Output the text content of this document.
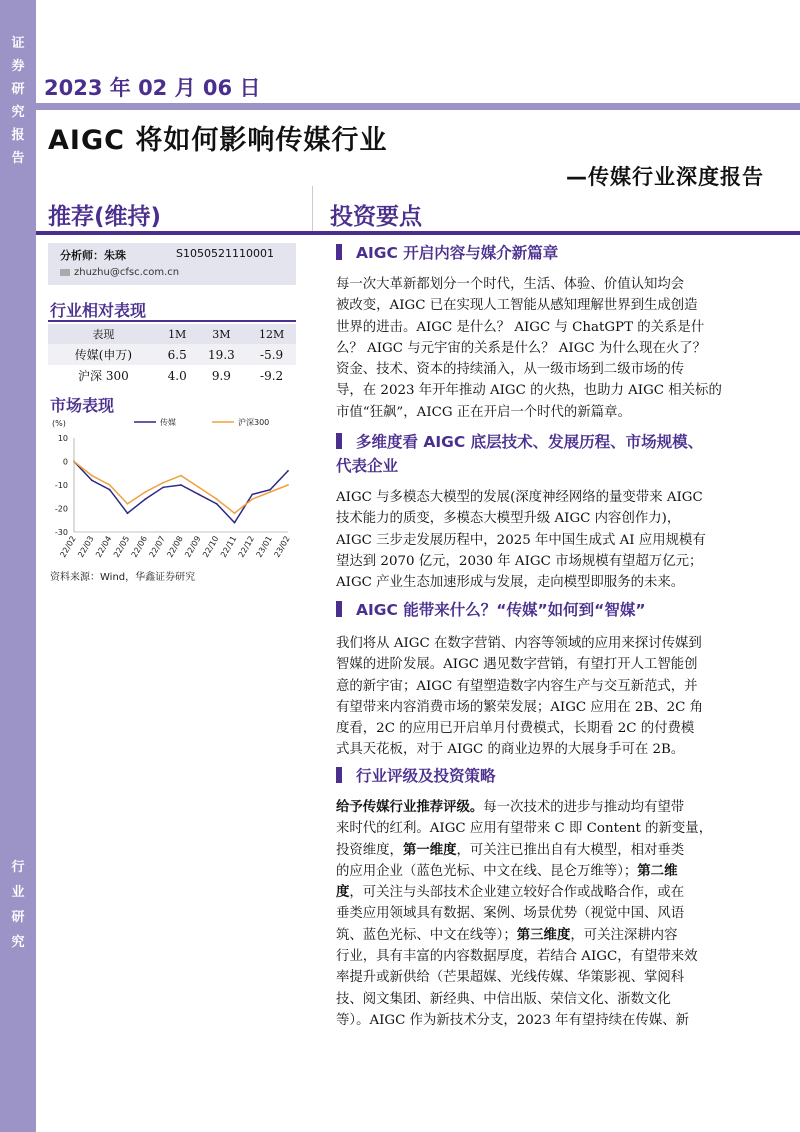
证
券
研
究
报
告
行
业
研
究
2023 年 02 月 06 日
AIGC 将如何影响传媒行业
—传媒行业深度报告
推荐(维持)	投资要点
分析师：朱珠	S1050521110001
zhuzhu@cfsc.com.cn
行业相对表现
表现	1M	3M	12M
传媒(申万)	6.5	19.3	-5.9
沪深 300	4.0	9.9	-9.2
市场表现
(%)	传媒	沪深300
10
0
-10
-20
-30
22/02
22/03
22/04
22/05
22/06
22/07
22/08
22/09
22/10
22/11
22/12
23/01
23/02
资料来源：Wind，华鑫证券研究
AIGC 开启内容与媒介新篇章
每一次大革新都划分一个时代，生活、体验、价值认知均会
被改变，AIGC 已在实现人工智能从感知理解世界到生成创造
世界的进击。AIGC 是什么？ AIGC 与 ChatGPT 的关系是什
么？ AIGC 与元宇宙的关系是什么？ AIGC 为什么现在火了？
资金、技术、资本的持续涌入，从一级市场到二级市场的传
导，在 2023 年开年推动 AIGC 的火热，也助力 AIGC 相关标的
市值“狂飙”，AICG 正在开启一个时代的新篇章。
多维度看 AIGC 底层技术、发展历程、市场规模、
代表企业
AIGC 与多模态大模型的发展(深度神经网络的量变带来 AIGC
技术能力的质变，多模态大模型升级 AIGC 内容创作力)，
AIGC 三步走发展历程中，2025 年中国生成式 AI 应用规模有
望达到 2070 亿元，2030 年 AIGC 市场规模有望超万亿元；
AIGC 产业生态加速形成与发展，走向模型即服务的未来。
AIGC 能带来什么？“传媒”如何到“智媒”
我们将从 AIGC 在数字营销、内容等领域的应用来探讨传媒到
智媒的进阶发展。AIGC 遇见数字营销，有望打开人工智能创
意的新宇宙；AIGC 有望塑造数字内容生产与交互新范式，并
有望带来内容消费市场的繁荣发展；AIGC 应用在 2B、2C 角
度看，2C 的应用已开启单月付费模式，长期看 2C 的付费模
式具天花板，对于 AIGC 的商业边界的大展身手可在 2B。
行业评级及投资策略
给予传媒行业推荐评级。每一次技术的进步与推动均有望带
来时代的红利。AIGC 应用有望带来 C 即 Content 的新变量，
投资维度，第一维度，可关注已推出自有大模型，相对垂类
的应用企业（蓝色光标、中文在线、昆仑万维等）；第二维
度，可关注与头部技术企业建立较好合作或战略合作，或在
垂类应用领域具有数据、案例、场景优势（视觉中国、风语
筑、蓝色光标、中文在线等）；第三维度，可关注深耕内容
行业，具有丰富的内容数据厚度，若结合 AIGC，有望带来效
率提升或新供给（芒果超媒、光线传媒、华策影视、掌阅科
技、阅文集团、新经典、中信出版、荣信文化、浙数文化
等）。AIGC 作为新技术分支，2023 年有望持续在传媒、新
